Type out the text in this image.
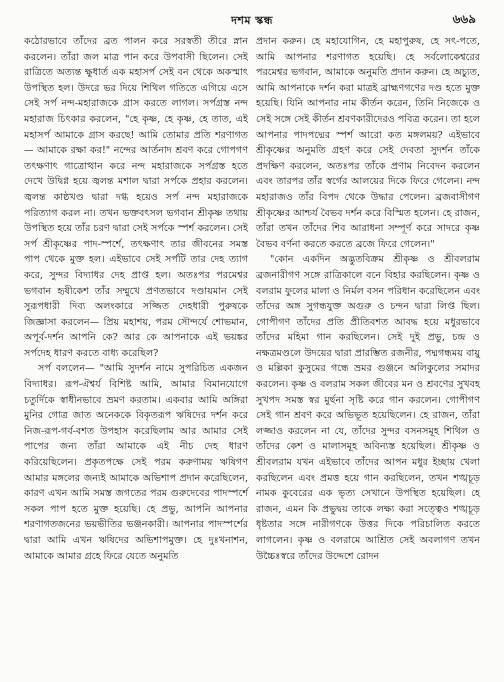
দশম স্কন্ধ	৬৬৯

কঠোরভাবে তাঁদের ব্রত পালন করে সরস্বতী তীরে স্নান করলেন। তাঁরা জল মাত্র পান করে উপবাসী ছিলেন। সেই রাত্রিতে অত্যন্ত ক্ষুধার্ত এক মহাসর্প সেই বন থেকে অকস্মাৎ উপস্থিত হল। উদরে ভর দিয়ে শিথিল গতিতে এগিয়ে এসে সেই সর্প নন্দ-মহারাজকে গ্রাস করতে লাগল। সর্পগ্রস্ত নন্দ মহারাজ চিৎকার করলেন, "হে কৃষ্ণ, হে কৃষ্ণ, হে তাত, এই মহাসর্প আমাকে গ্রাস করছে! আমি তোমার প্রতি শরণাগত— আমাকে রক্ষা কর!" নন্দের আর্তনাদ শ্রবণ করে গোপগণ তৎক্ষণাৎ গাত্রোত্থান করে নন্দ মহারাজকে সর্পগ্রস্ত হতে দেখে উদ্বিগ্ন হয়ে জ্বলন্ত মশাল দ্বারা সর্পকে প্রহার করলেন। জ্বলন্ত কাষ্ঠখণ্ড দ্বারা দগ্ধ হয়েও সর্প নন্দ মহারাজকে পরিত্যাগ করল না। তখন ভক্তবৎসল ভগবান শ্রীকৃষ্ণ তথায় উপস্থিত হয়ে তাঁর চরণ দ্বারা সেই সর্পকে স্পর্শ করলেন। সেই সর্প শ্রীকৃষ্ণের পাদ-স্পর্শে, তৎক্ষণাৎ তার জীবনের সমস্ত পাপ থেকে মুক্ত হল। এইভাবে সেই সর্পটি তার দেহ ত্যাগ করে, সুন্দর বিদ্যাধর দেহ প্রাপ্ত হল। অতঃপর পরমেশ্বর ভগবান হৃষীকেশ তাঁর সম্মুখে প্রণতভাবে দণ্ডায়মান সেই সুরূপধারী দিব্য অলংকারে সজ্জিত দেহধারী পুরুষকে জিজ্ঞাসা করলেন— প্রিয় মহাশয়, পরম সৌন্দর্যে শোভমান, অপূর্ব-দর্শন আপনি কে? আর কে আপনাকে এই ভয়ঙ্কর সর্পদেহ ধারণ করতে বাধ্য করেছিল?

সর্প বললেন— "আমি সুদর্শন নামে সুপরিচিত একজন বিদ্যাধর। রূপ-ঐশ্বর্য বিশিষ্ট আমি, আমার বিমানযোগে চতুর্দিকে স্বাধীনভাবে ভ্রমণ করতাম। একবার আমি অঙ্গিরা মুনির গোত্র জাত অনেককে বিকৃতরূপ ঋষিদের দর্শন করে নিজ-রূপ-গর্ব-বশত উপহাস করেছিলাম আর আমার সেই পাপের জন্য তাঁরা আমাকে এই নীচ দেহ ধারণ করিয়েছিলেন। প্রকৃতপক্ষে সেই পরম করুণাময় ঋষিগণ আমার মঙ্গলের জন্যই আমাকে অভিশাপ প্রদান করেছিলেন, কারণ এখন আমি সমস্ত জগতের পরম গুরুদেবের পাদস্পর্শে সকল পাপ হতে মুক্ত হয়েছি। হে প্রভু, আপনি আপনার শরণাগতজনের ভয়ভীতির ভঞ্জনকারী। আপনার পাদস্পর্শের দ্বারা আমি এখন ঋষিদের অভিশাপমুক্ত। হে দুঃখনাশন, আমাকে আমার গ্রহে ফিরে যেতে অনুমতি

প্রদান করুন। হে মহাযোগিন, হে মহাপুরুষ, হে সৎ-পতে, আমি আপনার শরণাগত হয়েছি। হে সর্বলোকেশ্বরের পরমেশ্বর ভগবান, আমাকে অনুমতি প্রদান করুন। হে অচ্যুত, আমি আপনাকে দর্শন করা মাত্রই ব্রাহ্মণগণের দণ্ড হতে মুক্ত হয়েছি। যিনি আপনার নাম কীর্তন করেন, তিনি নিজেকে ও সেই সঙ্গে সেই কীর্তন শ্রবণকারীদেরও পবিত্র করেন। তা হলে আপনার পাদপদ্মের স্পর্শ আরো কত মঙ্গলময়? এইভাবে শ্রীকৃষ্ণের অনুমতি গ্রহণ করে সেই দেবতা সুদর্শন তাঁকে প্রদক্ষিণ করলেন, অতঃপর তাঁকে প্রণাম নিবেদন করলেন এবং তারপর তাঁর স্বর্গের আলয়ের দিকে ফিরে গেলেন। নন্দ মহারাজও তাঁর বিপদ থেকে উদ্ধার পেলেন। ব্রজবাসীগণ শ্রীকৃষ্ণের আশ্চর্য বৈভব দর্শন করে বিস্মিত হলেন। হে রাজন, তাঁরা তখন তাঁদের শিব আরাধনা সম্পূর্ণ করে সাদরে কৃষ্ণ বৈভব বর্ণনা করতে করতে ব্রজে ফিরে গেলেন।"

"কোন একদিন অদ্ভুতবিক্রম শ্রীকৃষ্ণ ও শ্রীবলরাম ব্রজনারীগণ সঙ্গে রাত্রিকালে বনে বিহার করছিলেন। কৃষ্ণ ও বলরাম ফুলের মালা ও নির্মল বসন পরিধান করেছিলেন এবং তাঁদের অঙ্গ সুগন্ধযুক্ত অগুরু ও চন্দন দ্বারা লিপ্ত ছিল। গোপীগণ তাঁদের প্রতি প্রীতিবশত আবদ্ধ হয়ে মধুরভাবে তাঁদের মহিমা গান করছিলেন। সেই দুই প্রভু, চন্দ্র ও নক্ষত্রমণ্ডলে উদয়ের দ্বারা প্রারম্ভিত রজনীর, পদ্মগন্ধময় বায়ু ও মল্লিকা কুসুমের গন্ধে ভ্রমর গুঞ্জনে অলিকুলের সমাদর করলেন। কৃষ্ণ ও বলরাম সকল জীবের মন ও শ্রবণের সুখবহ সুখপদ সমস্ত স্বর মুর্ছনা সৃষ্টি করে গান করলেন। গোপীগণ সেই গান শ্রবণ করে অভিভূত হয়েছিলেন। হে রাজন, তাঁরা লজ্জাও করলেন না যে, তাঁদের সুন্দর বসনসমূহ শিথিল ও তাঁদের কেশ ও মালাসমূহ অবিন্যস্ত হয়েছিল। শ্রীকৃষ্ণ ও শ্রীবলরাম যখন এইভাবে তাঁদের আপন মধুর ইচ্ছায় খেলা করছিলেন এবং প্রমত্ত হয়ে গান করছিলেন, তখন শঙ্খচূড় নামক কুবেরের এক ভৃত্য সেখানে উপস্থিত হয়েছিল। হে রাজন, এমন কি প্রভুদ্বয় তাকে লক্ষ্য করা সত্ত্বেও শঙ্খচূড় ধৃষ্টতার সঙ্গে নারীগণকে উত্তর দিকে পরিচালিত করতে লাগলেন। কৃষ্ণ ও বলরামে আশ্রিত সেই অবলাগণ তখন উচ্চৈঃস্বরে তাঁদের উদ্দেশে রোদন
